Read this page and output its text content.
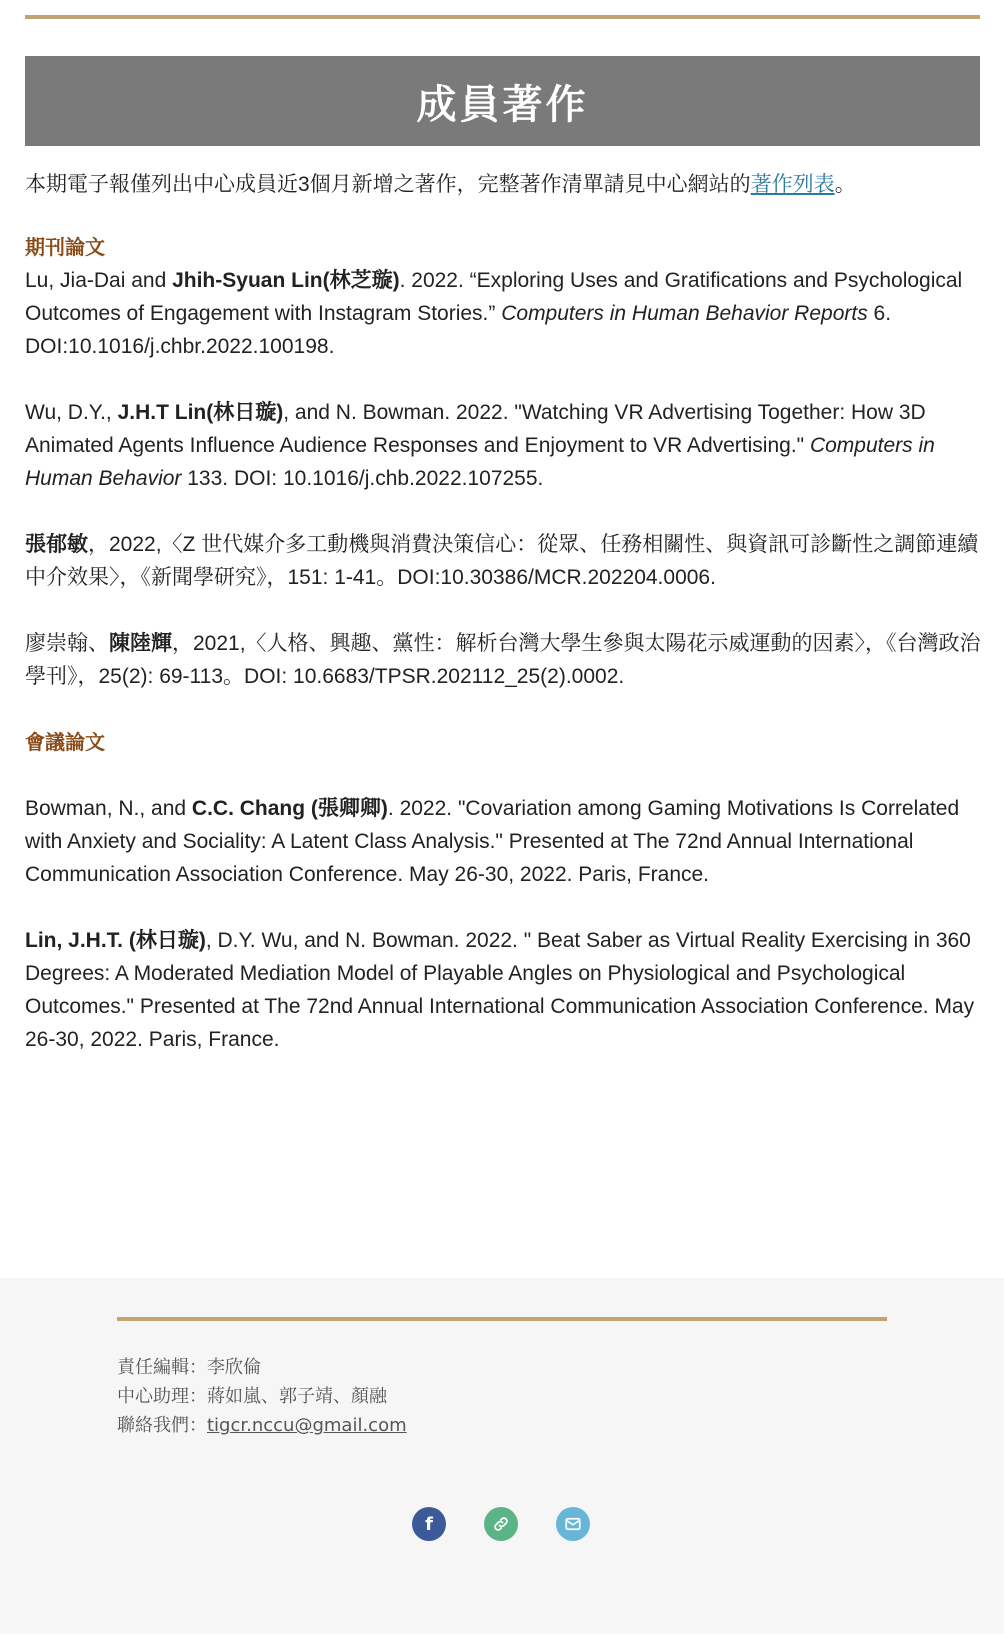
成員著作

本期電子報僅列出中心成員近3個月新增之著作，完整著作清單請見中心網站的著作列表。

期刊論文

Lu, Jia-Dai and Jhih-Syuan Lin(林芝璇). 2022. “Exploring Uses and Gratifications and Psychological Outcomes of Engagement with Instagram Stories.” Computers in Human Behavior Reports 6. DOI:10.1016/j.chbr.2022.100198.

Wu, D.Y., J.H.T Lin(林日璇), and N. Bowman. 2022. "Watching VR Advertising Together: How 3D Animated Agents Influence Audience Responses and Enjoyment to VR Advertising." Computers in Human Behavior 133. DOI: 10.1016/j.chb.2022.107255.

張郁敏，2022,〈Z 世代媒介多工動機與消費決策信心：從眾、任務相關性、與資訊可診斷性之調節連續中介效果〉，《新聞學研究》，151: 1-41。DOI:10.30386/MCR.202204.0006.

廖崇翰、陳陸輝，2021,〈人格、興趣、黨性：解析台灣大學生參與太陽花示威運動的因素〉，《台灣政治學刊》，25(2): 69-113。DOI: 10.6683/TPSR.202112_25(2).0002.

會議論文

Bowman, N., and C.C. Chang (張卿卿). 2022. "Covariation among Gaming Motivations Is Correlated with Anxiety and Sociality: A Latent Class Analysis." Presented at The 72nd Annual International Communication Association Conference. May 26-30, 2022. Paris, France.

Lin, J.H.T. (林日璇), D.Y. Wu, and N. Bowman. 2022. " Beat Saber as Virtual Reality Exercising in 360 Degrees: A Moderated Mediation Model of Playable Angles on Physiological and Psychological Outcomes." Presented at The 72nd Annual International Communication Association Conference. May 26-30, 2022. Paris, France.

責任編輯：李欣倫
中心助理：蔣如嵐、郭子靖、顏融
聯絡我們：tigcr.nccu@gmail.com
f
